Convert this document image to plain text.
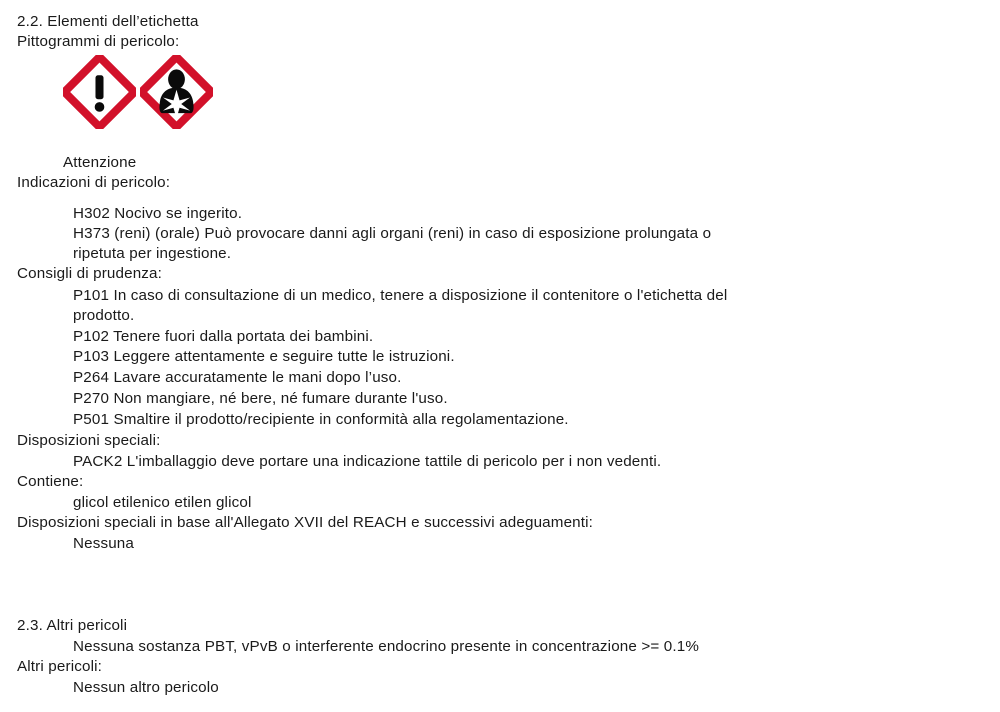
2.2. Elementi dell’etichetta
Pittogrammi di pericolo:
Attenzione
Indicazioni di pericolo:
H302 Nocivo se ingerito.
H373 (reni) (orale) Può provocare danni agli organi (reni) in caso di esposizione prolungata o
ripetuta per ingestione.
Consigli di prudenza:
P101 In caso di consultazione di un medico, tenere a disposizione il contenitore o l'etichetta del
prodotto.
P102 Tenere fuori dalla portata dei bambini.
P103 Leggere attentamente e seguire tutte le istruzioni.
P264 Lavare accuratamente le mani dopo l’uso.
P270 Non mangiare, né bere, né fumare durante l'uso.
P501 Smaltire il prodotto/recipiente in conformità alla regolamentazione.
Disposizioni speciali:
PACK2 L'imballaggio deve portare una indicazione tattile di pericolo per i non vedenti.
Contiene:
glicol etilenico etilen glicol
Disposizioni speciali in base all'Allegato XVII del REACH e successivi adeguamenti:
Nessuna
2.3. Altri pericoli
Nessuna sostanza PBT, vPvB o interferente endocrino presente in concentrazione >= 0.1%
Altri pericoli:
Nessun altro pericolo
